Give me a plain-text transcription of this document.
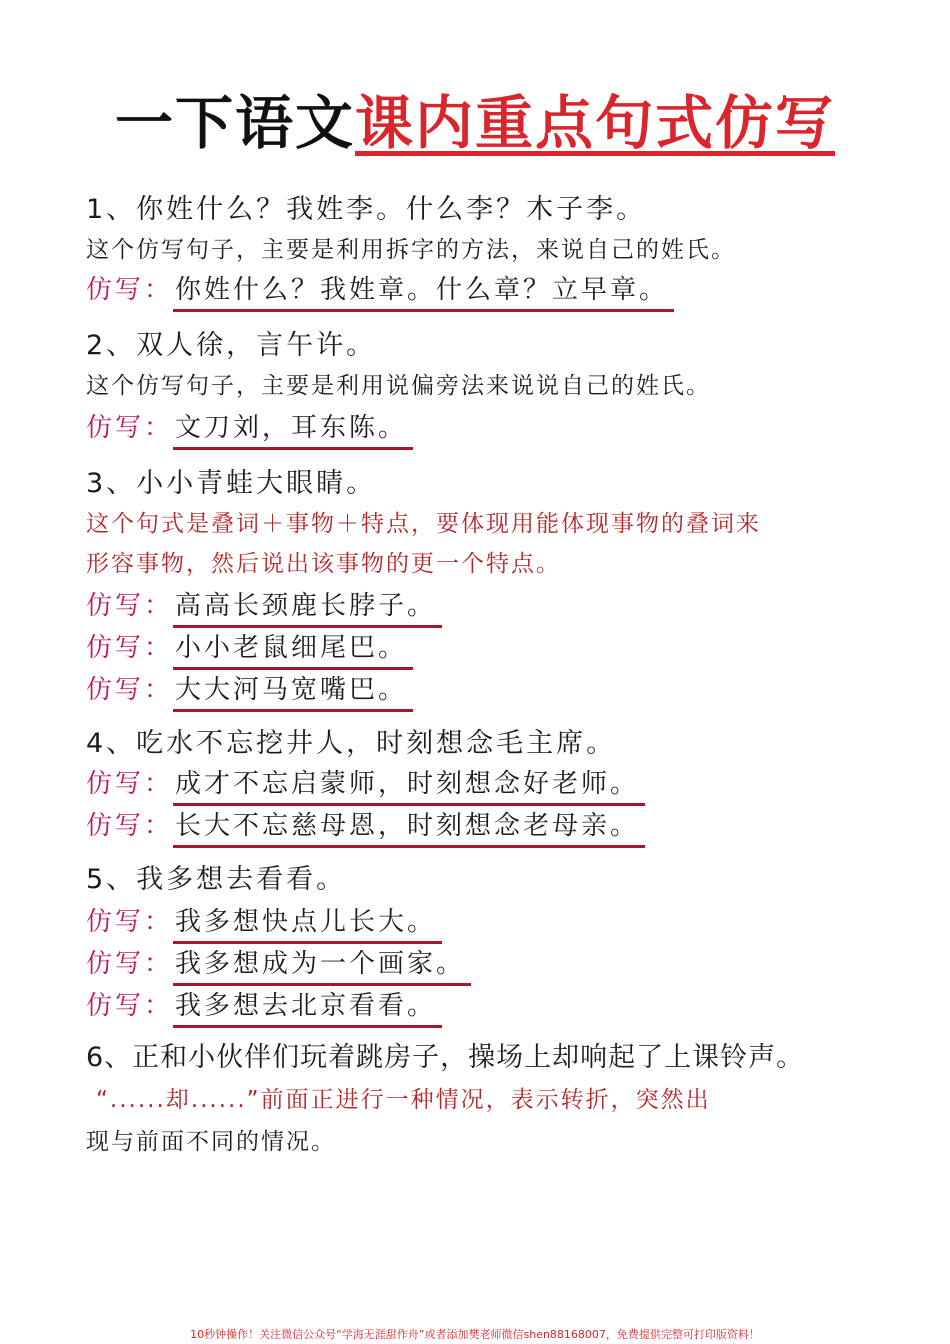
一下语文课内重点句式仿写
1、你姓什么？我姓李。什么李？木子李。
这个仿写句子，主要是利用拆字的方法，来说自己的姓氏。
仿写：你姓什么？我姓章。什么章？立早章。
2、双人徐，言午许。
这个仿写句子，主要是利用说偏旁法来说说自己的姓氏。
仿写：文刀刘，耳东陈。
3、小小青蛙大眼睛。
这个句式是叠词＋事物＋特点，要体现用能体现事物的叠词来
形容事物，然后说出该事物的更一个特点。
仿写：高高长颈鹿长脖子。
仿写：小小老鼠细尾巴。
仿写：大大河马宽嘴巴。
4、吃水不忘挖井人，时刻想念毛主席。
仿写：成才不忘启蒙师，时刻想念好老师。
仿写：长大不忘慈母恩，时刻想念老母亲。
5、我多想去看看。
仿写：我多想快点儿长大。
仿写：我多想成为一个画家。
仿写：我多想去北京看看。
6、正和小伙伴们玩着跳房子，操场上却响起了上课铃声。
“......却......”前面正进行一种情况，表示转折，突然出
现与前面不同的情况。
10秒钟操作！关注微信公众号“学海无涯甜作舟”或者添加樊老师微信shen88168007，免费提供完整可打印版资料！
